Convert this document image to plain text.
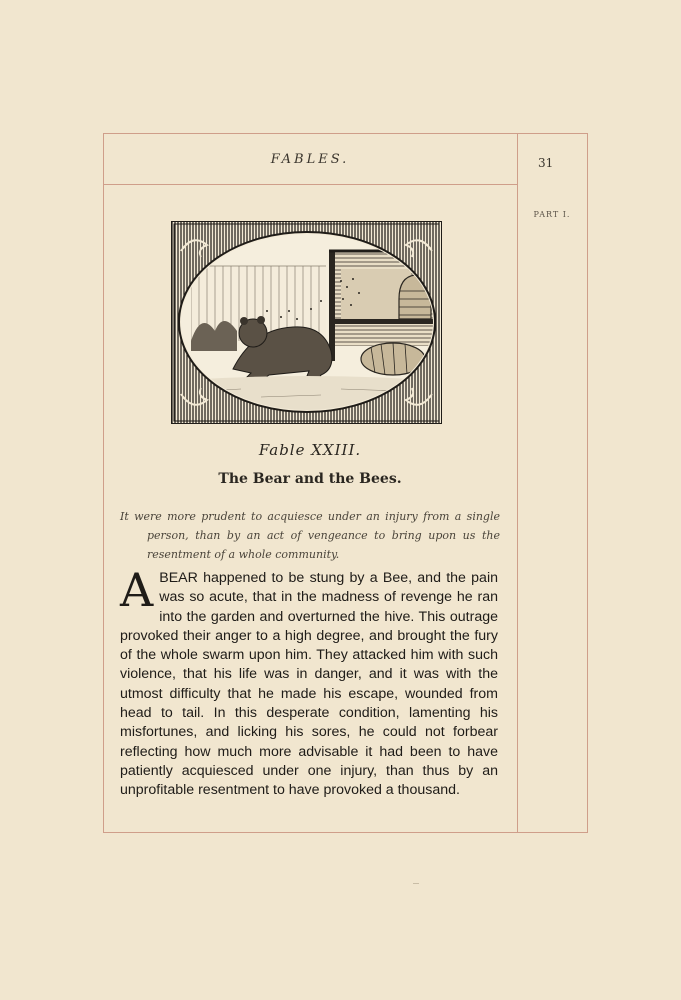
FABLES.	31
PART I.
Fable XXIII.
The Bear and the Bees.

It were more prudent to acquiesce under an injury from a single person, than by an act of vengeance to bring upon us the resentment of a whole community.

A BEAR happened to be stung by a Bee, and the pain was so acute, that in the madness of revenge he ran into the garden and overturned the hive. This outrage provoked their anger to a high degree, and brought the fury of the whole swarm upon him. They attacked him with such violence, that his life was in danger, and it was with the utmost difficulty that he made his escape, wounded from head to tail. In this desperate condition, lamenting his misfortunes, and licking his sores, he could not forbear reflecting how much more advisable it had been to have patiently acquiesced under one injury, than thus by an unprofitable resentment to have provoked a thousand.
